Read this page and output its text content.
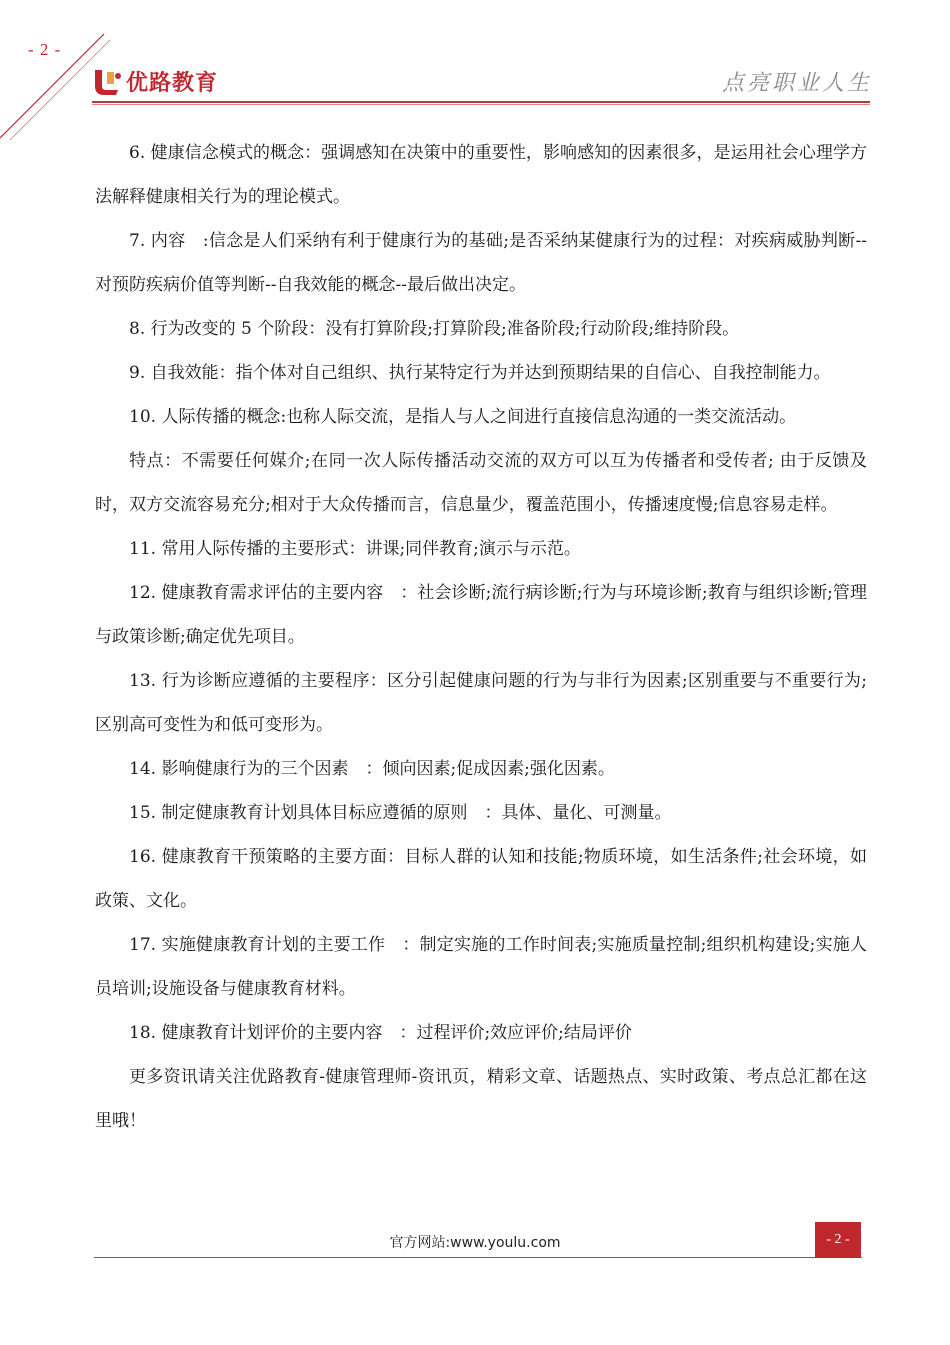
- 2 -
优路教育	点亮职业人生

6. 健康信念模式的概念：强调感知在决策中的重要性，影响感知的因素很多，是运用社会心理学方法解释健康相关行为的理论模式。

7. 内容　:信念是人们采纳有利于健康行为的基础;是否采纳某健康行为的过程：对疾病威胁判断--对预防疾病价值等判断--自我效能的概念--最后做出决定。

8. 行为改变的 5 个阶段：没有打算阶段;打算阶段;准备阶段;行动阶段;维持阶段。

9. 自我效能：指个体对自己组织、执行某特定行为并达到预期结果的自信心、自我控制能力。

10. 人际传播的概念:也称人际交流，是指人与人之间进行直接信息沟通的一类交流活动。

特点：不需要任何媒介;在同一次人际传播活动交流的双方可以互为传播者和受传者; 由于反馈及时，双方交流容易充分;相对于大众传播而言，信息量少，覆盖范围小，传播速度慢;信息容易走样。

11. 常用人际传播的主要形式：讲课;同伴教育;演示与示范。

12. 健康教育需求评估的主要内容　：社会诊断;流行病诊断;行为与环境诊断;教育与组织诊断;管理与政策诊断;确定优先项目。

13. 行为诊断应遵循的主要程序：区分引起健康问题的行为与非行为因素;区别重要与不重要行为;区别高可变性为和低可变形为。

14. 影响健康行为的三个因素　：倾向因素;促成因素;强化因素。

15. 制定健康教育计划具体目标应遵循的原则　：具体、量化、可测量。

16. 健康教育干预策略的主要方面：目标人群的认知和技能;物质环境，如生活条件;社会环境，如政策、文化。

17. 实施健康教育计划的主要工作　：制定实施的工作时间表;实施质量控制;组织机构建设;实施人员培训;设施设备与健康教育材料。

18. 健康教育计划评价的主要内容　：过程评价;效应评价;结局评价

更多资讯请关注优路教育-健康管理师-资讯页，精彩文章、话题热点、实时政策、考点总汇都在这里哦！

官方网站:www.youlu.com	- 2 -
